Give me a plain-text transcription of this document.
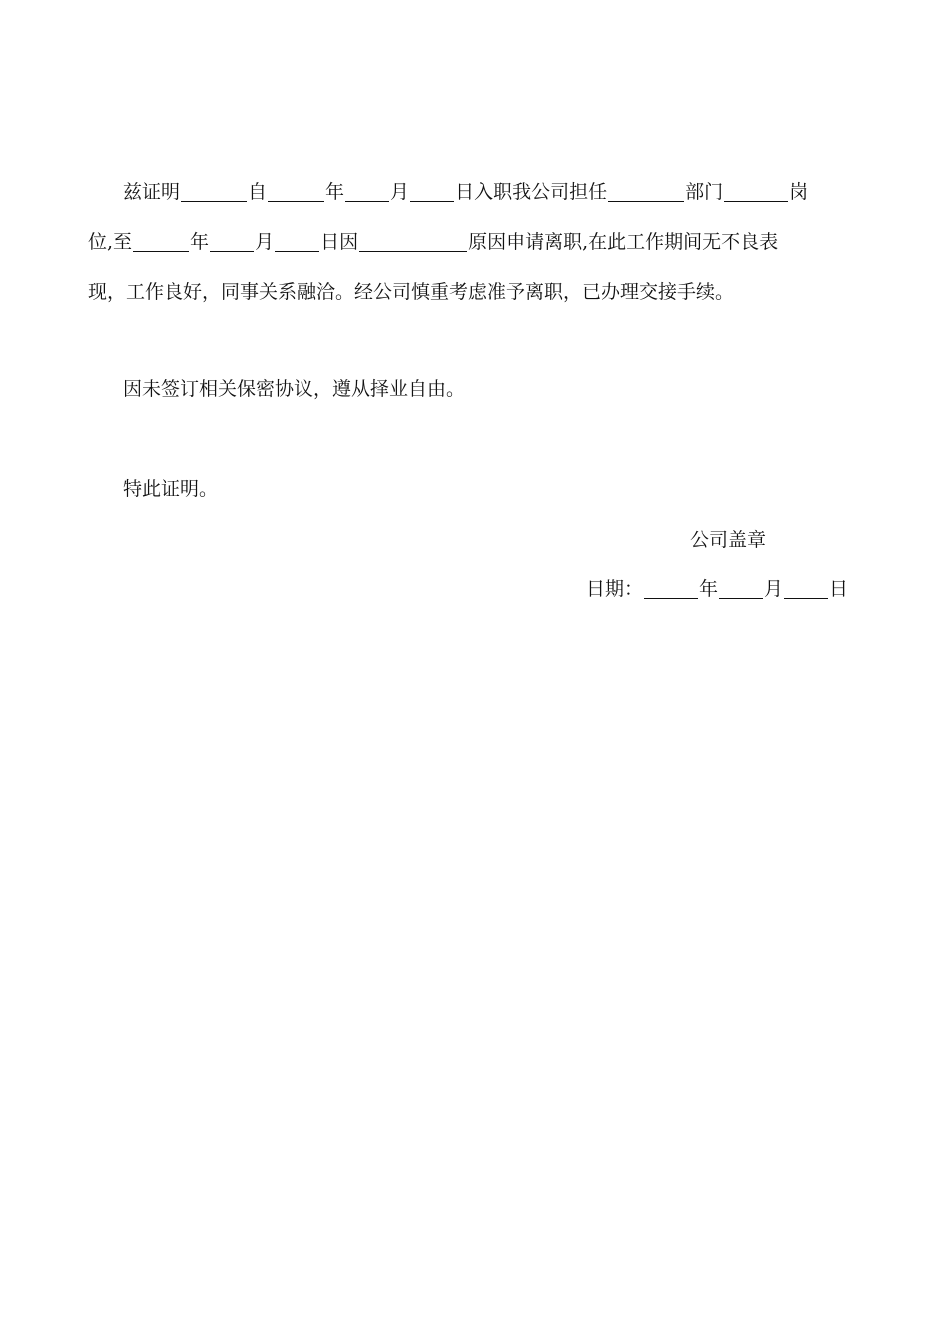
兹证明	自	年 月 日入职我公司担任	部门	岗
位,至	年 月 日因	原因申请离职,在此工作期间无不良表
现，工作良好，同事关系融洽。经公司慎重考虑准予离职，已办理交接手续。
因未签订相关保密协议，遵从择业自由。
特此证明。
公司盖章
日期：	年 月 日
